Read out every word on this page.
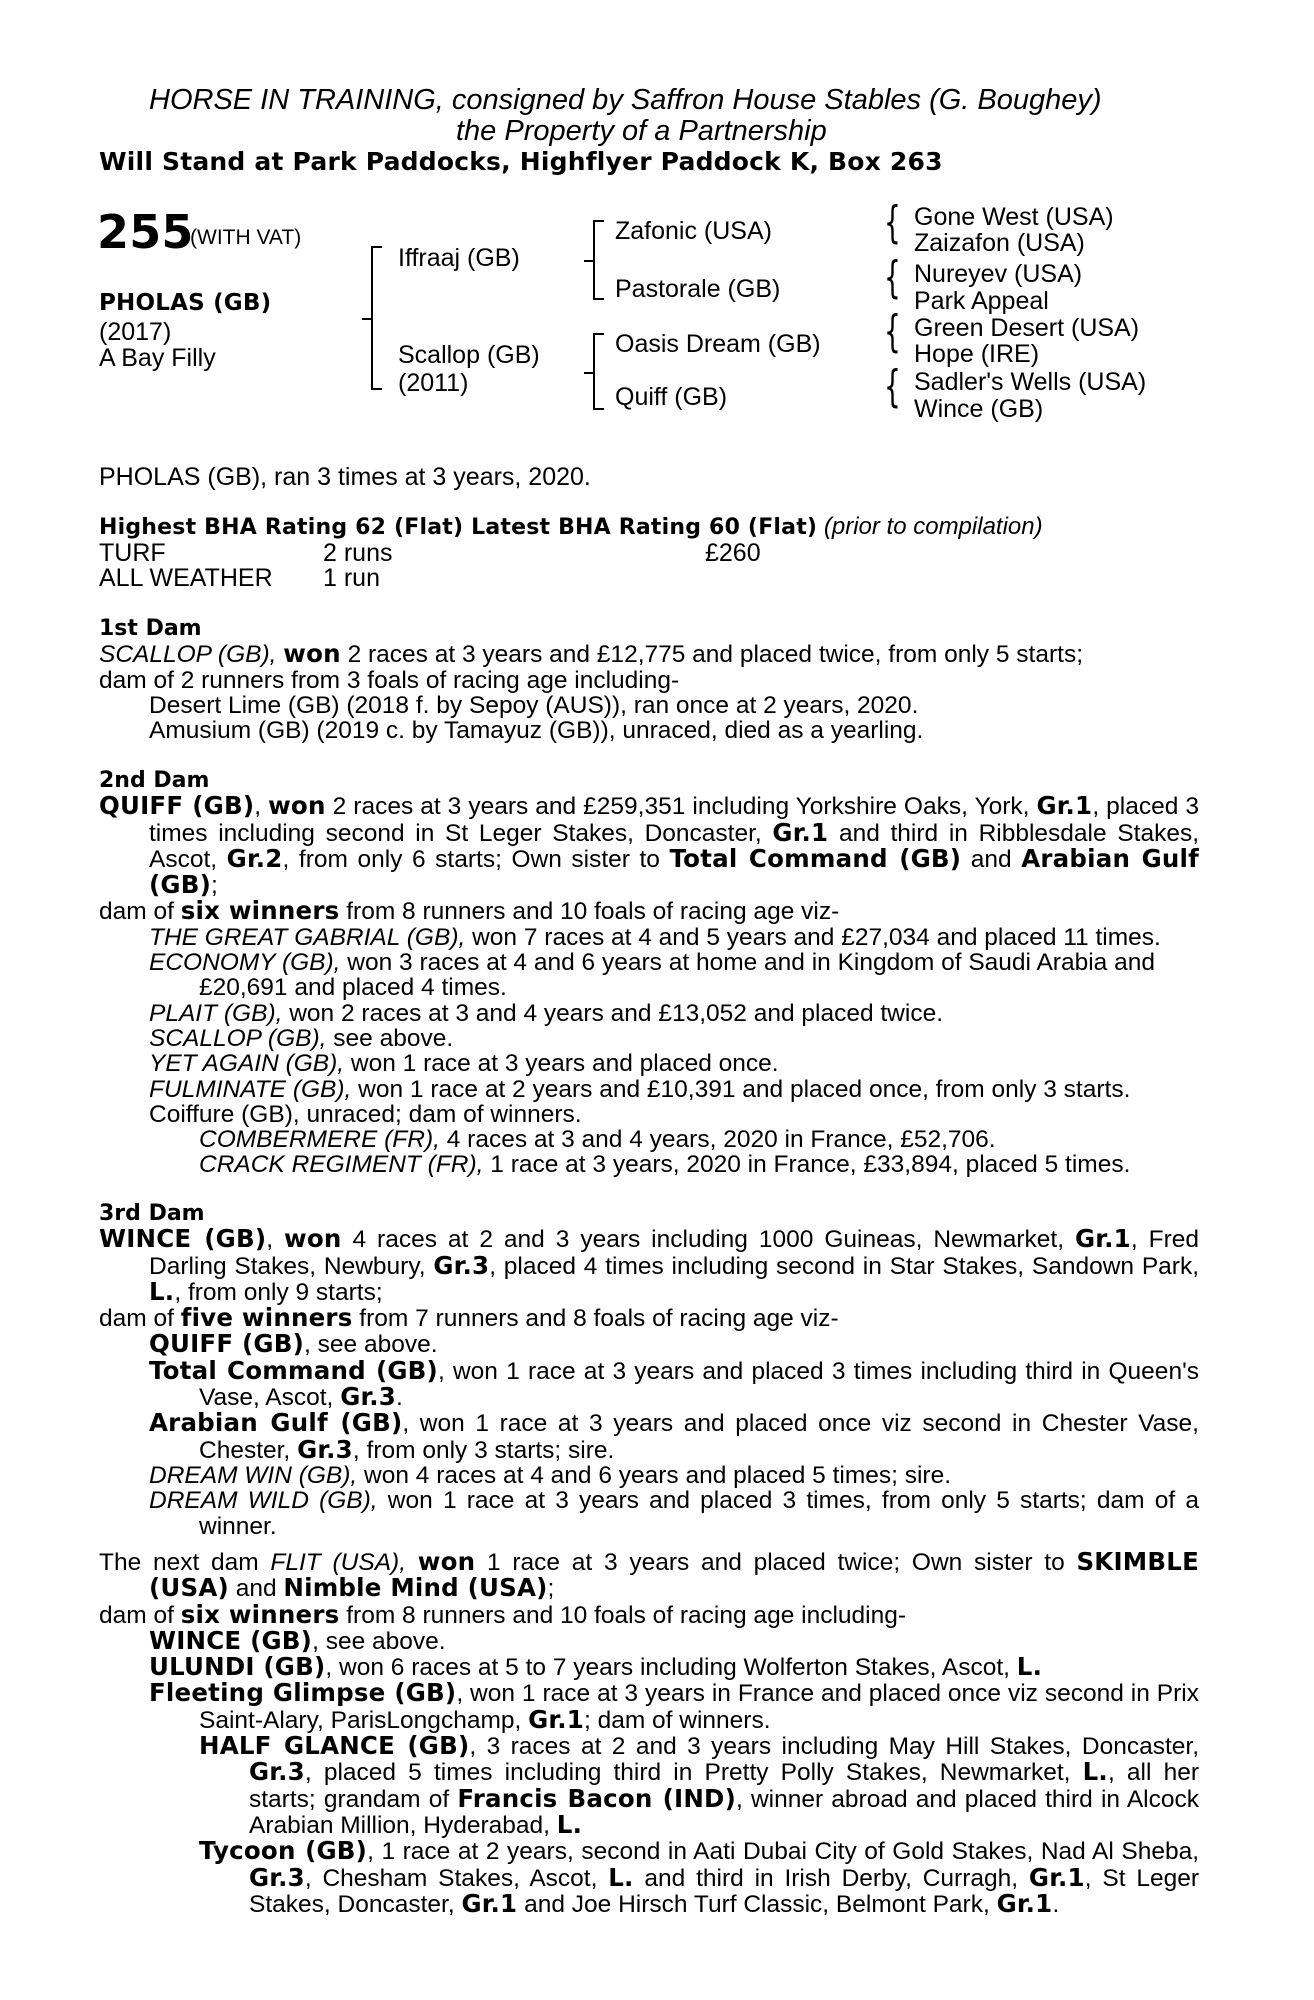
HORSE IN TRAINING, consigned by Saffron House Stables (G. Boughey)
the Property of a Partnership
Will Stand at Park Paddocks, Highflyer Paddock K, Box 263
255
(WITH VAT)
PHOLAS (GB)
(2017)
A Bay Filly
Iffraaj (GB)
Scallop (GB)
(2011)
Zafonic (USA)
Pastorale (GB)
Oasis Dream (GB)
Quiff (GB)
{
{
{
{
Gone West (USA)
Zaizafon (USA)
Nureyev (USA)
Park Appeal
Green Desert (USA)
Hope (IRE)
Sadler's Wells (USA)
Wince (GB)
PHOLAS (GB), ran 3 times at 3 years, 2020.
Highest BHA Rating 62 (Flat) Latest BHA Rating 60 (Flat) (prior to compilation)
TURF	2 runs	£260
ALL WEATHER 1 run

1st Dam

SCALLOP (GB), won 2 races at 3 years and £12,775 and placed twice, from only 5 starts;

dam of 2 runners from 3 foals of racing age including-

Desert Lime (GB) (2018 f. by Sepoy (AUS)), ran once at 2 years, 2020.

Amusium (GB) (2019 c. by Tamayuz (GB)), unraced, died as a yearling.

2nd Dam

QUIFF (GB), won 2 races at 3 years and £259,351 including Yorkshire Oaks, York, Gr.1, placed 3 times including second in St Leger Stakes, Doncaster, Gr.1 and third in Ribblesdale Stakes, Ascot, Gr.2, from only 6 starts; Own sister to Total Command (GB) and Arabian Gulf (GB);

dam of six winners from 8 runners and 10 foals of racing age viz-

THE GREAT GABRIAL (GB), won 7 races at 4 and 5 years and £27,034 and placed 11 times.

ECONOMY (GB), won 3 races at 4 and 6 years at home and in Kingdom of Saudi Arabia and £20,691 and placed 4 times.

PLAIT (GB), won 2 races at 3 and 4 years and £13,052 and placed twice.

SCALLOP (GB), see above.

YET AGAIN (GB), won 1 race at 3 years and placed once.

FULMINATE (GB), won 1 race at 2 years and £10,391 and placed once, from only 3 starts.

Coiffure (GB), unraced; dam of winners.

COMBERMERE (FR), 4 races at 3 and 4 years, 2020 in France, £52,706.

CRACK REGIMENT (FR), 1 race at 3 years, 2020 in France, £33,894, placed 5 times.

3rd Dam

WINCE (GB), won 4 races at 2 and 3 years including 1000 Guineas, Newmarket, Gr.1, Fred Darling Stakes, Newbury, Gr.3, placed 4 times including second in Star Stakes, Sandown Park, L., from only 9 starts;

dam of five winners from 7 runners and 8 foals of racing age viz-

QUIFF (GB), see above.

Total Command (GB), won 1 race at 3 years and placed 3 times including third in Queen's Vase, Ascot, Gr.3.

Arabian Gulf (GB), won 1 race at 3 years and placed once viz second in Chester Vase, Chester, Gr.3, from only 3 starts; sire.

DREAM WIN (GB), won 4 races at 4 and 6 years and placed 5 times; sire.

DREAM WILD (GB), won 1 race at 3 years and placed 3 times, from only 5 starts; dam of a winner.

The next dam FLIT (USA), won 1 race at 3 years and placed twice; Own sister to SKIMBLE (USA) and Nimble Mind (USA);

dam of six winners from 8 runners and 10 foals of racing age including-

WINCE (GB), see above.

ULUNDI (GB), won 6 races at 5 to 7 years including Wolferton Stakes, Ascot, L.

Fleeting Glimpse (GB), won 1 race at 3 years in France and placed once viz second in Prix Saint-Alary, ParisLongchamp, Gr.1; dam of winners.

HALF GLANCE (GB), 3 races at 2 and 3 years including May Hill Stakes, Doncaster, Gr.3, placed 5 times including third in Pretty Polly Stakes, Newmarket, L., all her starts; grandam of Francis Bacon (IND), winner abroad and placed third in Alcock Arabian Million, Hyderabad, L.

Tycoon (GB), 1 race at 2 years, second in Aati Dubai City of Gold Stakes, Nad Al Sheba, Gr.3, Chesham Stakes, Ascot, L. and third in Irish Derby, Curragh, Gr.1, St Leger Stakes, Doncaster, Gr.1 and Joe Hirsch Turf Classic, Belmont Park, Gr.1.
